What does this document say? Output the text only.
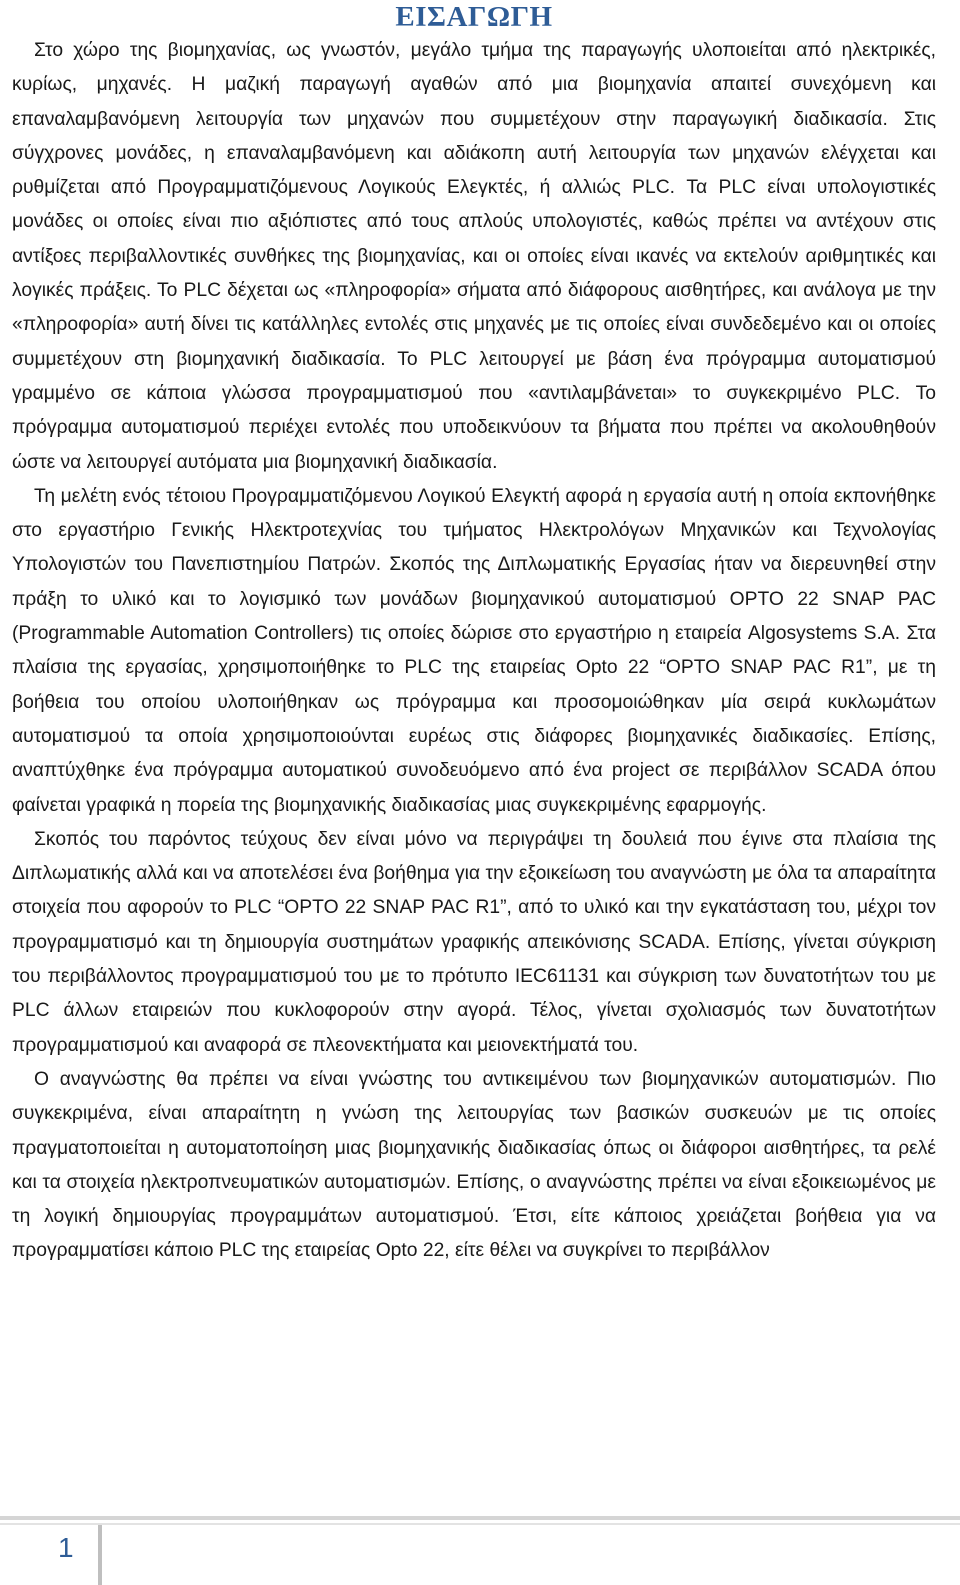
ΕΙΣΑΓΩΓΗ

Στο χώρο της βιομηχανίας, ως γνωστόν, μεγάλο τμήμα της παραγωγής υλοποιείται από ηλεκτρικές, κυρίως, μηχανές. Η μαζική παραγωγή αγαθών από μια βιομηχανία απαιτεί συνεχόμενη και επαναλαμβανόμενη λειτουργία των μηχανών που συμμετέχουν στην παραγωγική διαδικασία. Στις σύγχρονες μονάδες, η επαναλαμβανόμενη και αδιάκοπη αυτή λειτουργία των μηχανών ελέγχεται και ρυθμίζεται από Προγραμματιζόμενους Λογικούς Ελεγκτές, ή αλλιώς PLC. Τα PLC είναι υπολογιστικές μονάδες οι οποίες είναι πιο αξιόπιστες από τους απλούς υπολογιστές, καθώς πρέπει να αντέχουν στις αντίξοες περιβαλλοντικές συνθήκες της βιομηχανίας, και οι οποίες είναι ικανές να εκτελούν αριθμητικές και λογικές πράξεις. Το PLC δέχεται ως «πληροφορία» σήματα από διάφορους αισθητήρες, και ανάλογα με την «πληροφορία» αυτή δίνει τις κατάλληλες εντολές στις μηχανές με τις οποίες είναι συνδεδεμένο και οι οποίες συμμετέχουν στη βιομηχανική διαδικασία. Το PLC λειτουργεί με βάση ένα πρόγραμμα αυτοματισμού γραμμένο σε κάποια γλώσσα προγραμματισμού που «αντιλαμβάνεται» το συγκεκριμένο PLC. Το πρόγραμμα αυτοματισμού περιέχει εντολές που υποδεικνύουν τα βήματα που πρέπει να ακολουθηθούν ώστε να λειτουργεί αυτόματα μια βιομηχανική διαδικασία.

Τη μελέτη ενός τέτοιου Προγραμματιζόμενου Λογικού Ελεγκτή αφορά η εργασία αυτή η οποία εκπονήθηκε στο εργαστήριο Γενικής Ηλεκτροτεχνίας του τμήματος Ηλεκτρολόγων Μηχανικών και Τεχνολογίας Υπολογιστών του Πανεπιστημίου Πατρών. Σκοπός της Διπλωματικής Εργασίας ήταν να διερευνηθεί στην πράξη το υλικό και το λογισμικό των μονάδων βιομηχανικού αυτοματισμού OPTO 22 SNAP PAC (Programmable Automation Controllers) τις οποίες δώρισε στο εργαστήριο η εταιρεία Algosystems S.A. Στα πλαίσια της εργασίας, χρησιμοποιήθηκε το PLC της εταιρείας Opto 22 “OPTO SNAP PAC R1”, με τη βοήθεια του οποίου υλοποιήθηκαν ως πρόγραμμα και προσομοιώθηκαν μία σειρά κυκλωμάτων αυτοματισμού τα οποία χρησιμοποιούνται ευρέως στις διάφορες βιομηχανικές διαδικασίες. Επίσης, αναπτύχθηκε ένα πρόγραμμα αυτοματικού συνοδευόμενο από ένα project σε περιβάλλον SCADA όπου φαίνεται γραφικά η πορεία της βιομηχανικής διαδικασίας μιας συγκεκριμένης εφαρμογής.

Σκοπός του παρόντος τεύχους δεν είναι μόνο να περιγράψει τη δουλειά που έγινε στα πλαίσια της Διπλωματικής αλλά και να αποτελέσει ένα βοήθημα για την εξοικείωση του αναγνώστη με όλα τα απαραίτητα στοιχεία που αφορούν το PLC “OPTO 22 SNAP PAC R1”, από το υλικό και την εγκατάσταση του, μέχρι τον προγραμματισμό και τη δημιουργία συστημάτων γραφικής απεικόνισης SCADA. Επίσης, γίνεται σύγκριση του περιβάλλοντος προγραμματισμού του με το πρότυπο IEC61131 και σύγκριση των δυνατοτήτων του με PLC άλλων εταιρειών που κυκλοφορούν στην αγορά. Τέλος, γίνεται σχολιασμός των δυνατοτήτων προγραμματισμού και αναφορά σε πλεονεκτήματα και μειονεκτήματά του.

Ο αναγνώστης θα πρέπει να είναι γνώστης του αντικειμένου των βιομηχανικών αυτοματισμών. Πιο συγκεκριμένα, είναι απαραίτητη η γνώση της λειτουργίας των βασικών συσκευών με τις οποίες πραγματοποιείται η αυτοματοποίηση μιας βιομηχανικής διαδικασίας όπως οι διάφοροι αισθητήρες, τα ρελέ και τα στοιχεία ηλεκτροπνευματικών αυτοματισμών. Επίσης, ο αναγνώστης πρέπει να είναι εξοικειωμένος με τη λογική δημιουργίας προγραμμάτων αυτοματισμού. Έτσι, είτε κάποιος χρειάζεται βοήθεια για να προγραμματίσει κάποιο PLC της εταιρείας Opto 22, είτε θέλει να συγκρίνει το περιβάλλον

1
